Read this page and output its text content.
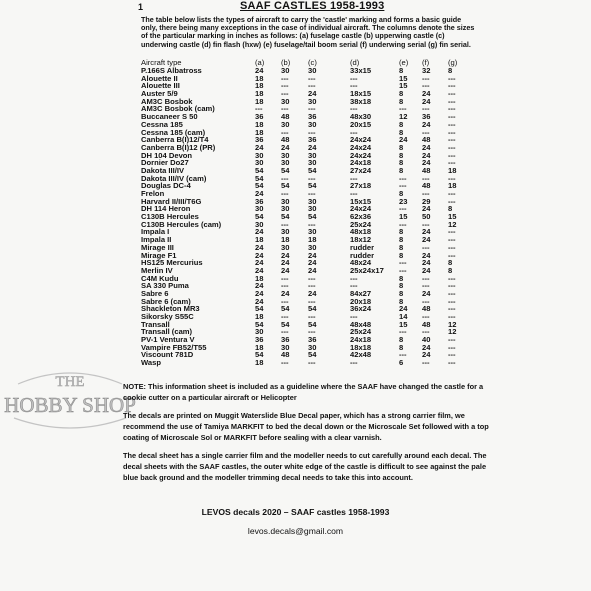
1	SAAF CASTLES 1958-1993
The table below lists the types of aircraft to carry the 'castle' marking and forms a basic guide only, there being many exceptions in the case of individual aircraft. The columns denote the sizes of the particular marking in inches as follows: (a) fuselage castle (b) upperwing castle (c) underwing castle (d) fin flash (hxw) (e) fuselage/tail boom serial (f) underwing serial (g) fin serial.
Aircraft type	(a)	(b)	(c)	(d)	(e)	(f)	(g)
P.166S Albatross	24	30	30	33x15	8	32	8
Alouette II	18	---	---	---	15	---	---
Alouette III	18	---	---	---	15	---	---
Auster 5/9	18	---	24	18x15	8	24	---
AM3C Bosbok	18	30	30	38x18	8	24	---
AM3C Bosbok (cam)	---	---	---	---	---	---	---
Buccaneer S 50	36	48	36	48x30	12	36	---
Cessna 185	18	30	30	20x15	8	24	---
Cessna 185 (cam)	18	---	---	---	8	---	---
Canberra B(I)12/T4	36	48	36	24x24	24	48	---
Canberra B(I)12 (PR)	24	24	24	24x24	8	24	---
DH 104 Devon	30	30	30	24x24	8	24	---
Dornier Do27	30	30	30	24x18	8	24	---
Dakota III/IV	54	54	54	27x24	8	48	18
Dakota III/IV (cam)	54	---	---	---	---	---	---
Douglas DC-4	54	54	54	27x18	---	48	18
Frelon	24	---	---	---	8	---	---
Harvard II/III/T6G	36	30	30	15x15	23	29	---
DH 114 Heron	30	30	30	24x24	---	24	8
C130B Hercules	54	54	54	62x36	15	50	15
C130B Hercules (cam)	30	---	---	25x24	---	---	12
Impala I	24	30	30	48x18	8	24	---
Impala II	18	18	18	18x12	8	24	---
Mirage III	24	30	30	rudder	8	---	---
Mirage F1	24	24	24	rudder	8	24	---
HS125 Mercurius	24	24	24	48x24	---	24	8
Merlin IV	24	24	24	25x24x17	---	24	8
C4M Kudu	18	---	---	---	8	---	---
SA 330 Puma	24	---	---	---	8	---	---
Sabre 6	24	24	24	84x27	8	24	---
Sabre 6 (cam)	24	---	---	20x18	8	---	---
Shackleton MR3	54	54	54	36x24	24	48	---
Sikorsky S55C	18	---	---	---	14	---	---
Transall	54	54	54	48x48	15	48	12
Transall (cam)	30	---	---	25x24	---	---	12
PV-1 Ventura V	36	36	36	24x18	8	40	---
Vampire FB52/T55	18	30	30	18x18	8	24	---
Viscount 781D	54	48	54	42x48	---	24	---
Wasp	18	---	---	---	6	---	---
THE
HOBBY SHOP

NOTE: This information sheet is included as a guideline where the SAAF have changed the castle for a cookie cutter on a particular aircraft or Helicopter

The decals are printed on Muggit Waterslide Blue Decal paper, which has a strong carrier film, we recommend the use of Tamiya MARKFIT to bed the decal down or the Microscale Set followed with a top coating of Microscale Sol or MARKFIT before sealing with a clear varnish.

The decal sheet has a single carrier film and the modeller needs to cut carefully around each decal. The decal sheets with the SAAF castles, the outer white edge of the castle is difficult to see against the pale blue back ground and the modeller trimming decal needs to take this into account.

LEVOS decals 2020 – SAAF castles 1958-1993
levos.decals@gmail.com
